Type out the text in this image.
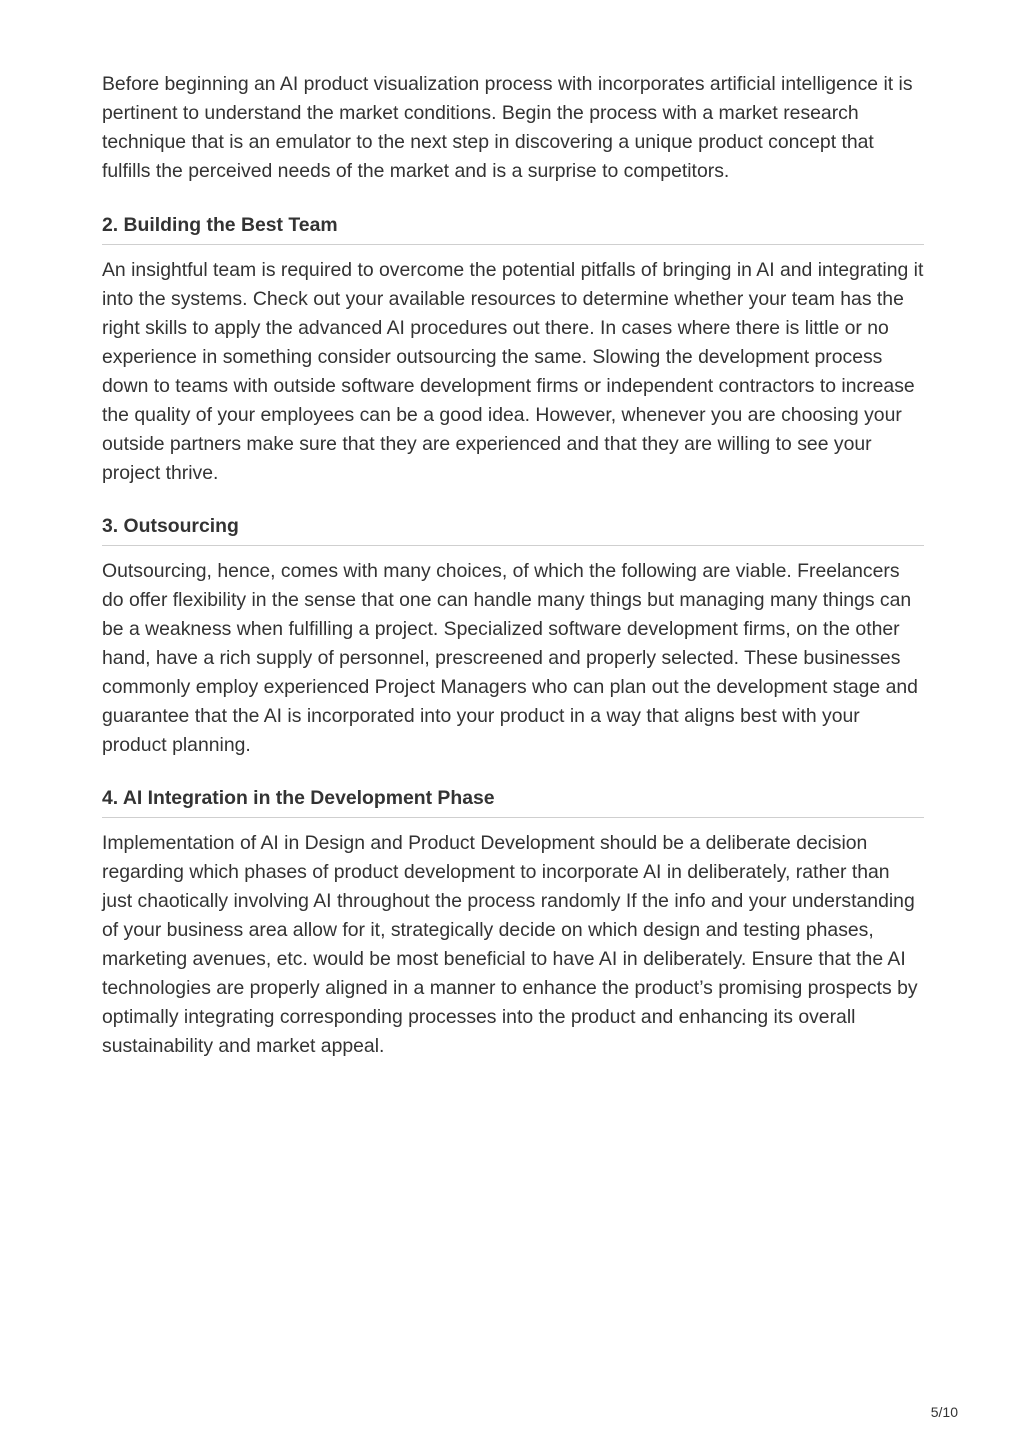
Before beginning an AI product visualization process with incorporates artificial intelligence it is pertinent to understand the market conditions. Begin the process with a market research technique that is an emulator to the next step in discovering a unique product concept that fulfills the perceived needs of the market and is a surprise to competitors.

2. Building the Best Team

An insightful team is required to overcome the potential pitfalls of bringing in AI and integrating it into the systems. Check out your available resources to determine whether your team has the right skills to apply the advanced AI procedures out there. In cases where there is little or no experience in something consider outsourcing the same. Slowing the development process down to teams with outside software development firms or independent contractors to increase the quality of your employees can be a good idea. However, whenever you are choosing your outside partners make sure that they are experienced and that they are willing to see your project thrive.

3. Outsourcing

Outsourcing, hence, comes with many choices, of which the following are viable. Freelancers do offer flexibility in the sense that one can handle many things but managing many things can be a weakness when fulfilling a project. Specialized software development firms, on the other hand, have a rich supply of personnel, prescreened and properly selected. These businesses commonly employ experienced Project Managers who can plan out the development stage and guarantee that the AI is incorporated into your product in a way that aligns best with your product planning.

4. AI Integration in the Development Phase

Implementation of AI in Design and Product Development should be a deliberate decision regarding which phases of product development to incorporate AI in deliberately, rather than just chaotically involving AI throughout the process randomly If the info and your understanding of your business area allow for it, strategically decide on which design and testing phases, marketing avenues, etc. would be most beneficial to have AI in deliberately. Ensure that the AI technologies are properly aligned in a manner to enhance the product’s promising prospects by optimally integrating corresponding processes into the product and enhancing its overall sustainability and market appeal.

5/10
